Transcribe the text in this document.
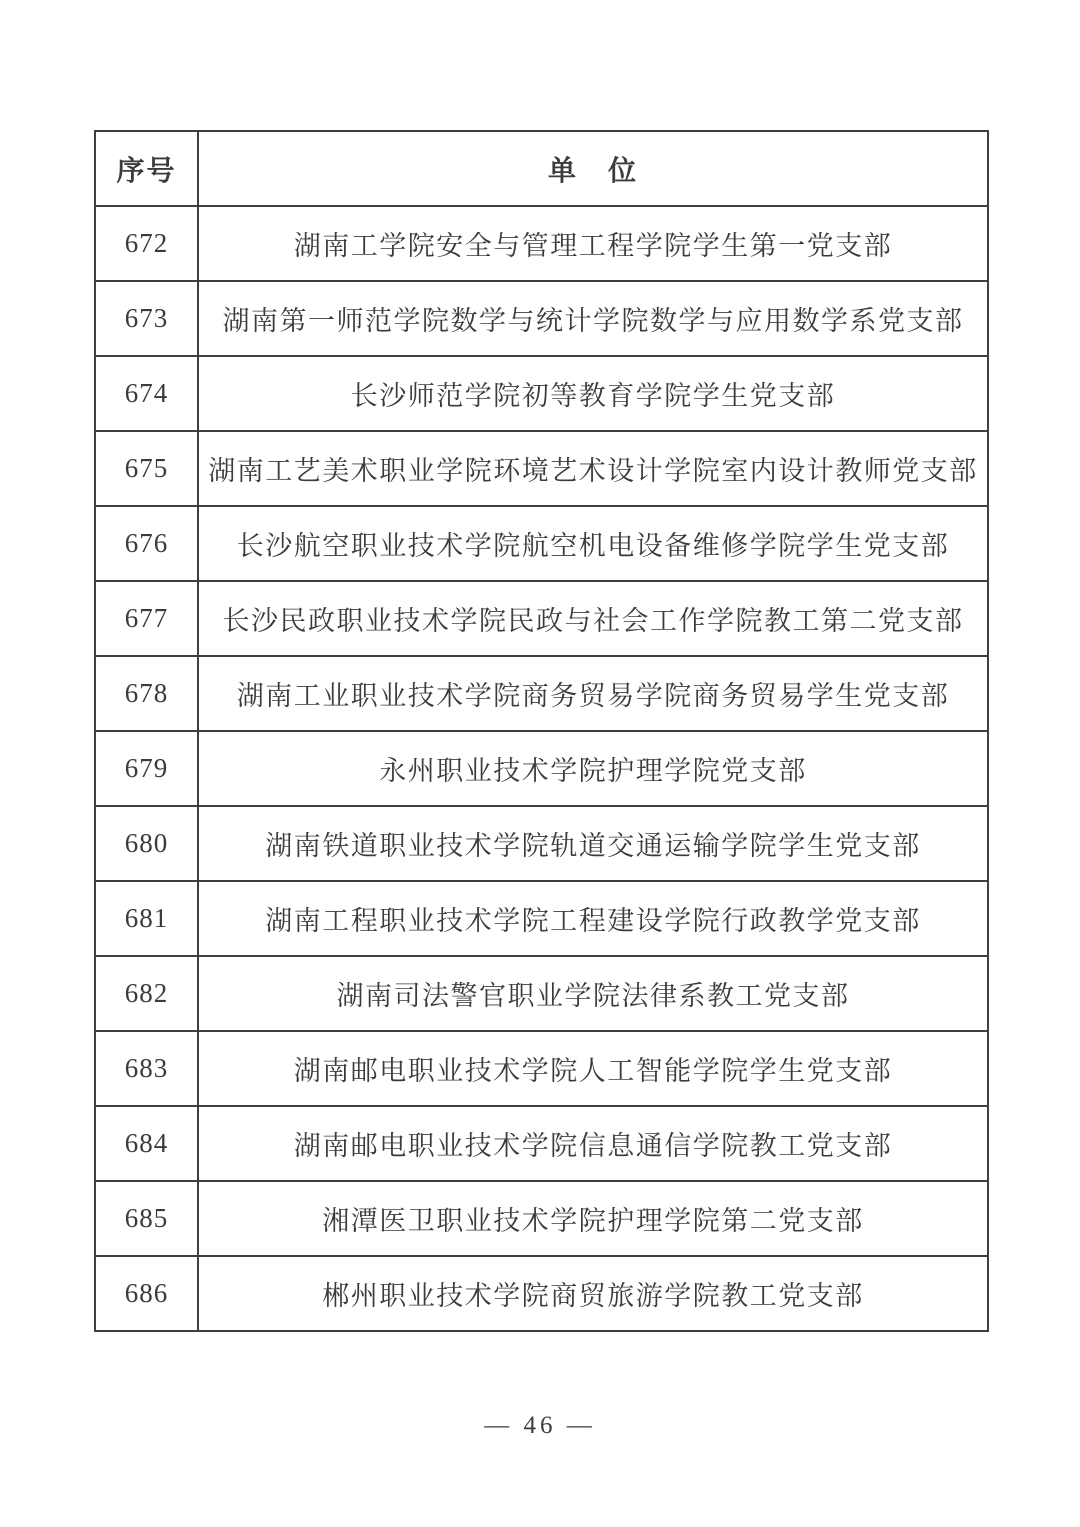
序号	单　位
672	湖南工学院安全与管理工程学院学生第一党支部
673	湖南第一师范学院数学与统计学院数学与应用数学系党支部
674	长沙师范学院初等教育学院学生党支部
675	湖南工艺美术职业学院环境艺术设计学院室内设计教师党支部
676	长沙航空职业技术学院航空机电设备维修学院学生党支部
677	长沙民政职业技术学院民政与社会工作学院教工第二党支部
678	湖南工业职业技术学院商务贸易学院商务贸易学生党支部
679	永州职业技术学院护理学院党支部
680	湖南铁道职业技术学院轨道交通运输学院学生党支部
681	湖南工程职业技术学院工程建设学院行政教学党支部
682	湖南司法警官职业学院法律系教工党支部
683	湖南邮电职业技术学院人工智能学院学生党支部
684	湖南邮电职业技术学院信息通信学院教工党支部
685	湘潭医卫职业技术学院护理学院第二党支部
686	郴州职业技术学院商贸旅游学院教工党支部
— 46 —
